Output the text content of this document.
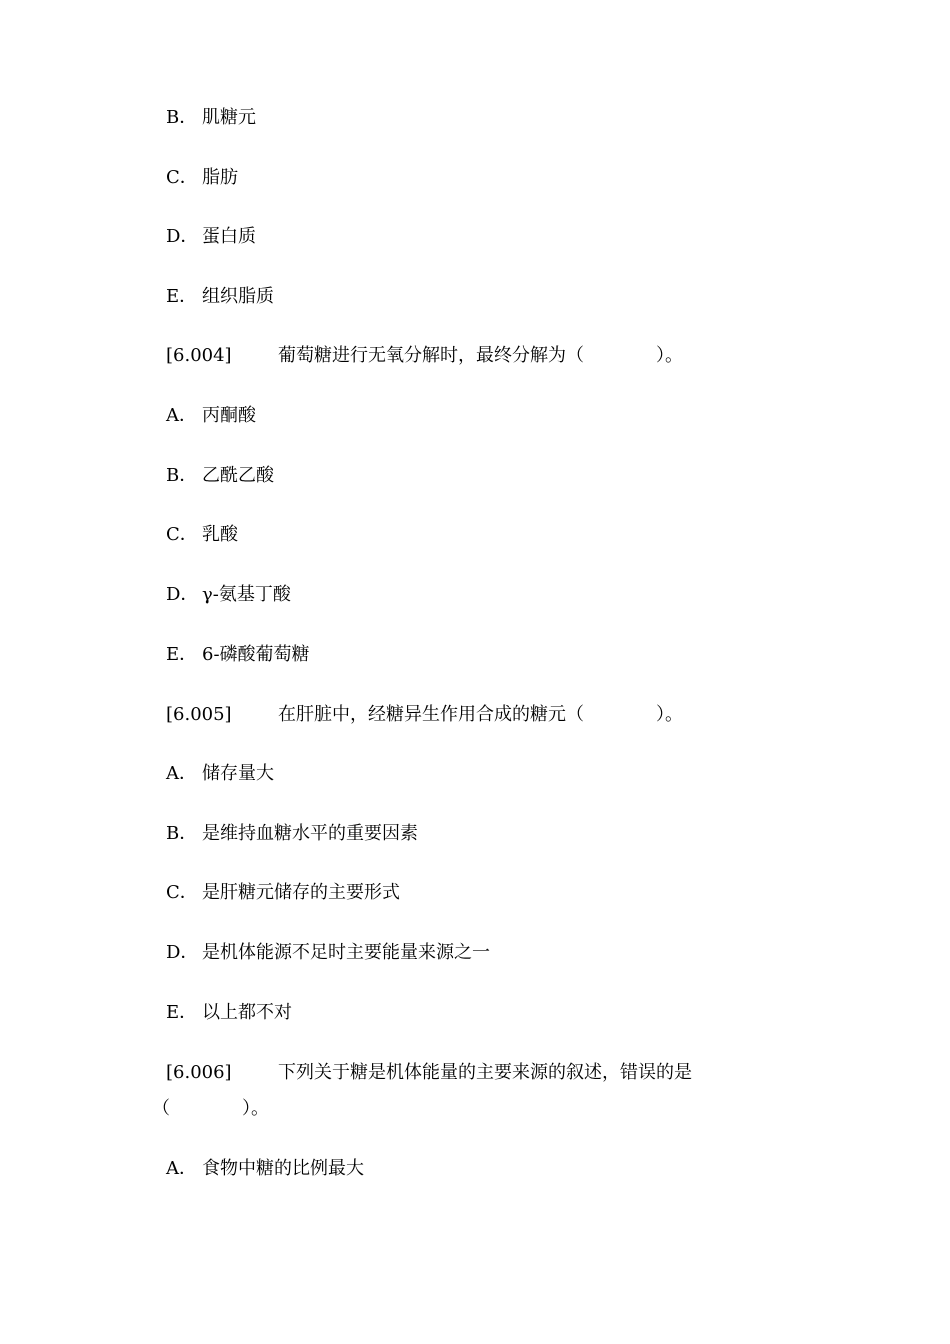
B． 肌糖元
C． 脂肪
D． 蛋白质
E． 组织脂质
[6.004]	葡萄糖进行无氧分解时，最终分解为（　　　　）。
A． 丙酮酸
B． 乙酰乙酸
C． 乳酸
D． γ-氨基丁酸
E． 6-磷酸葡萄糖
[6.005]	在肝脏中，经糖异生作用合成的糖元（　　　　）。
A． 储存量大
B． 是维持血糖水平的重要因素
C． 是肝糖元储存的主要形式
D． 是机体能源不足时主要能量来源之一
E． 以上都不对
[6.006]	下列关于糖是机体能量的主要来源的叙述，错误的是
（　　　　）。
A． 食物中糖的比例最大
